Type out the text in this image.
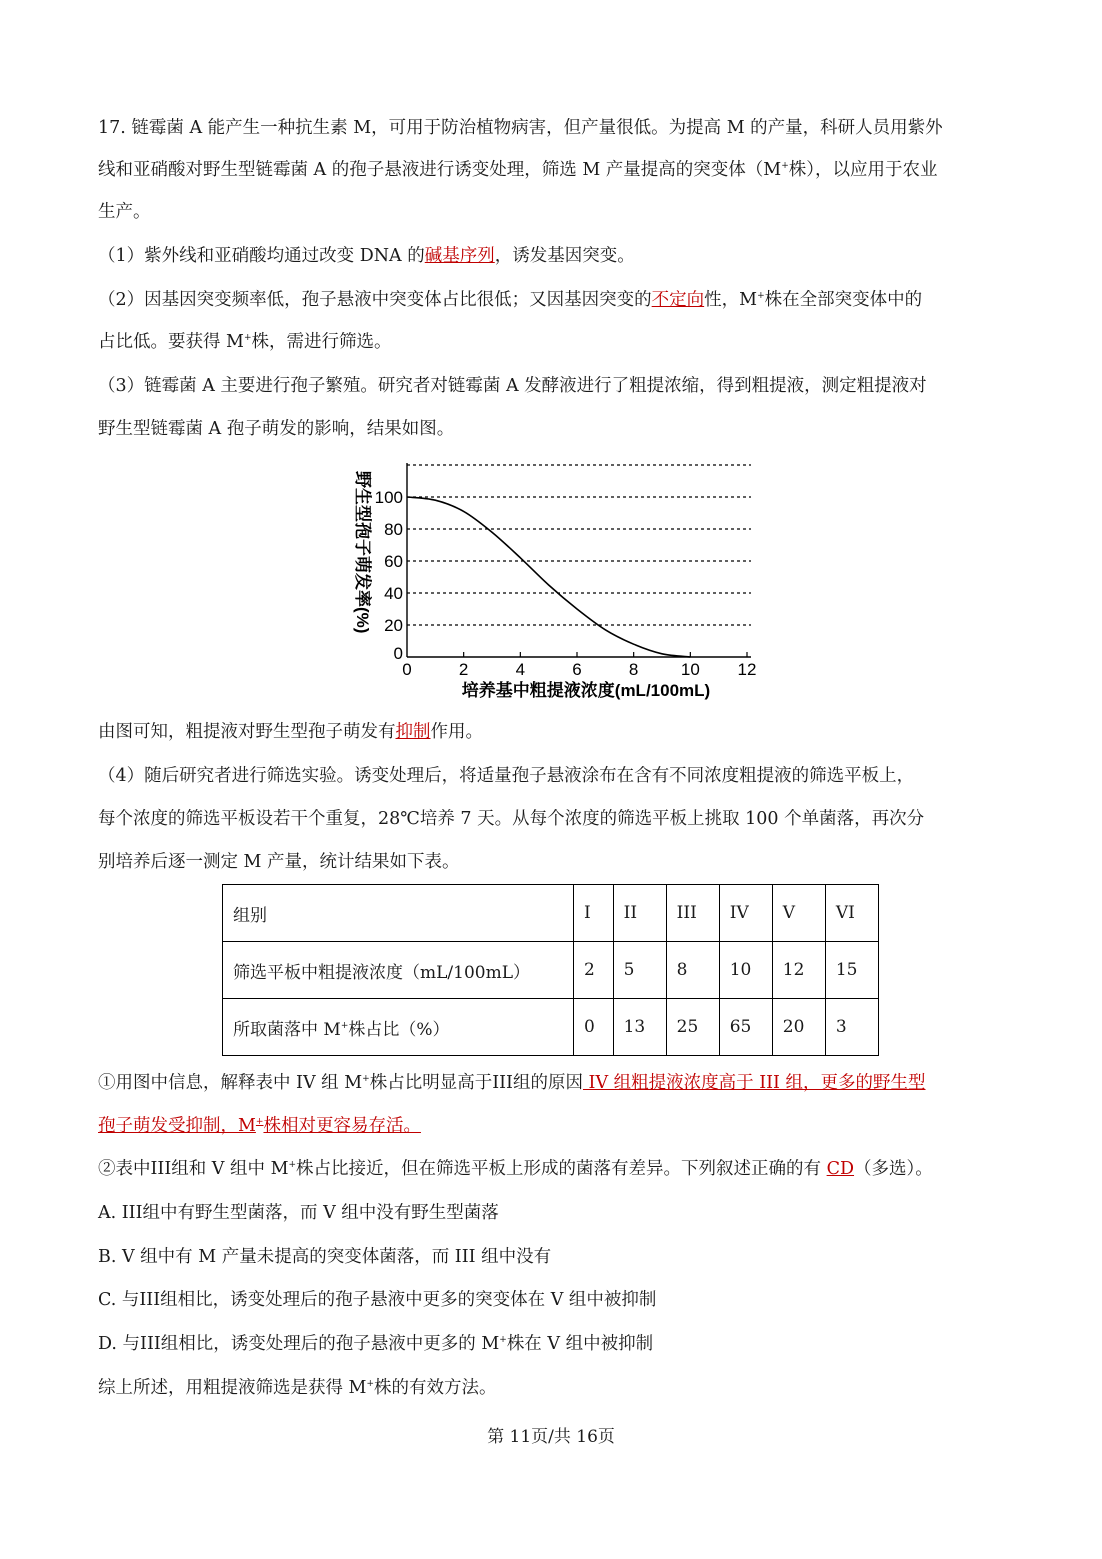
17. 链霉菌 A 能产生一种抗生素 M，可用于防治植物病害，但产量很低。为提高 M 的产量，科研人员用紫外
线和亚硝酸对野生型链霉菌 A 的孢子悬液进行诱变处理，筛选 M 产量提高的突变体（M+株），以应用于农业
生产。
（1）紫外线和亚硝酸均通过改变 DNA 的碱基序列，诱发基因突变。
（2）因基因突变频率低，孢子悬液中突变体占比很低；又因基因突变的不定向性，M+株在全部突变体中的
占比低。要获得 M+株，需进行筛选。
（3）链霉菌 A 主要进行孢子繁殖。研究者对链霉菌 A 发酵液进行了粗提浓缩，得到粗提液，测定粗提液对
野生型链霉菌 A 孢子萌发的影响，结果如图。
0	2	4	6	8 10 12
0
20
40
60
80
100
培养基中粗提液浓度(mL/100mL)
野生型孢子萌发率(%)
由图可知，粗提液对野生型孢子萌发有抑制作用。
（4）随后研究者进行筛选实验。诱变处理后，将适量孢子悬液涂布在含有不同浓度粗提液的筛选平板上，
每个浓度的筛选平板设若干个重复，28℃培养 7 天。从每个浓度的筛选平板上挑取 100 个单菌落，再次分
别培养后逐一测定 M 产量，统计结果如下表。
组别	I	II	III	IV	V	VI
筛选平板中粗提液浓度（mL/100mL）	2	5	8	10	12	15
所取菌落中 M+株占比（%）	0	13	25	65	20	3
①用图中信息，解释表中 IV 组 M+株占比明显高于III组的原因 IV 组粗提液浓度高于 III 组，更多的野生型
孢子萌发受抑制，M+株相对更容易存活。
②表中III组和 V 组中 M+株占比接近，但在筛选平板上形成的菌落有差异。下列叙述正确的有 CD（多选）。
A. III组中有野生型菌落，而 V 组中没有野生型菌落
B. V 组中有 M 产量未提高的突变体菌落，而 III 组中没有
C. 与III组相比，诱变处理后的孢子悬液中更多的突变体在 V 组中被抑制
D. 与III组相比，诱变处理后的孢子悬液中更多的 M+株在 V 组中被抑制
综上所述，用粗提液筛选是获得 M+株的有效方法。
第 11页/共 16页
